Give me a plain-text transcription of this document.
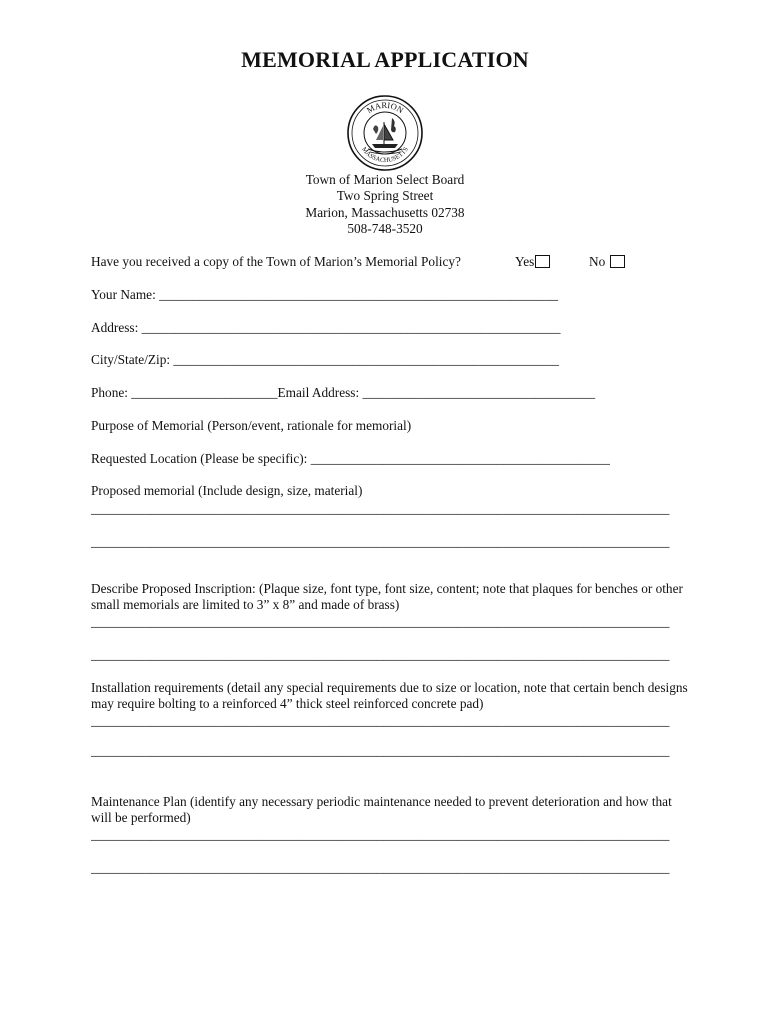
MEMORIAL APPLICATION
MARION
MASSACHUSETTS
Town of Marion Select Board
Two Spring Street
Marion, Massachusetts 02738
508-748-3520
Have you received a copy of the Town of Marion’s Memorial Policy?	Yes	No
Your Name: ____________________________________________________________
Address: _______________________________________________________________
City/State/Zip: __________________________________________________________
Phone: ______________________Email Address: ___________________________________
Purpose of Memorial (Person/event, rationale for memorial)
Requested Location (Please be specific): _____________________________________________
Proposed memorial (Include design, size, material)
_______________________________________________________________________________________
_______________________________________________________________________________________
Describe Proposed Inscription: (Plaque size, font type, font size, content; note that plaques for benches or other small memorials are limited to 3” x 8” and made of brass)
_______________________________________________________________________________________
_______________________________________________________________________________________
Installation requirements (detail any special requirements due to size or location, note that certain bench designs may require bolting to a reinforced 4” thick steel reinforced concrete pad)
_______________________________________________________________________________________
_______________________________________________________________________________________
Maintenance Plan (identify any necessary periodic maintenance needed to prevent deterioration and how that will be performed)
_______________________________________________________________________________________
_______________________________________________________________________________________
